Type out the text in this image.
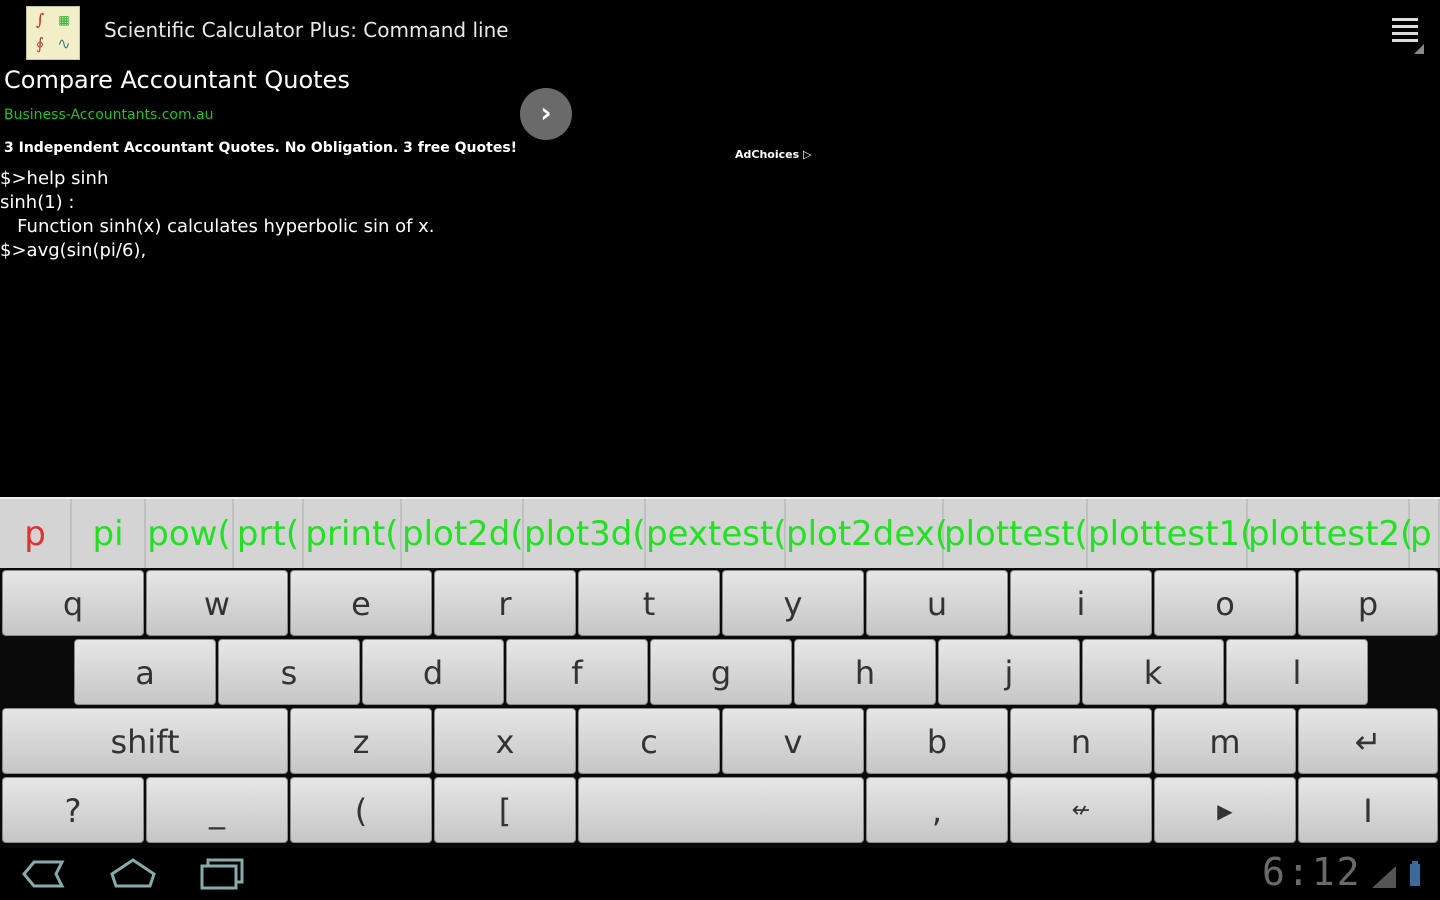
∫	▦
∮ ∿
Scientific Calculator Plus: Command line
Compare Accountant Quotes
Business-Accountants.com.au
3 Independent Accountant Quotes. No Obligation. 3 free Quotes!
›
AdChoices ▷
$>help sinh
sinh(1) :
Function sinh(x) calculates hyperbolic sin of x.
$>avg(sin(pi/6),
p	pi pow( prt( print( plot2d( plot3d( pextest( plot2dex(
plottest( plottest1(
plottest2(
p
q	w	e	r	t	y	u	i	o	p
a	s	d	f	g	h	j	k	l
shift	z	x	c	v	b	n	m	↵
?	_	(	[	,	↚	▶	I
6:12
